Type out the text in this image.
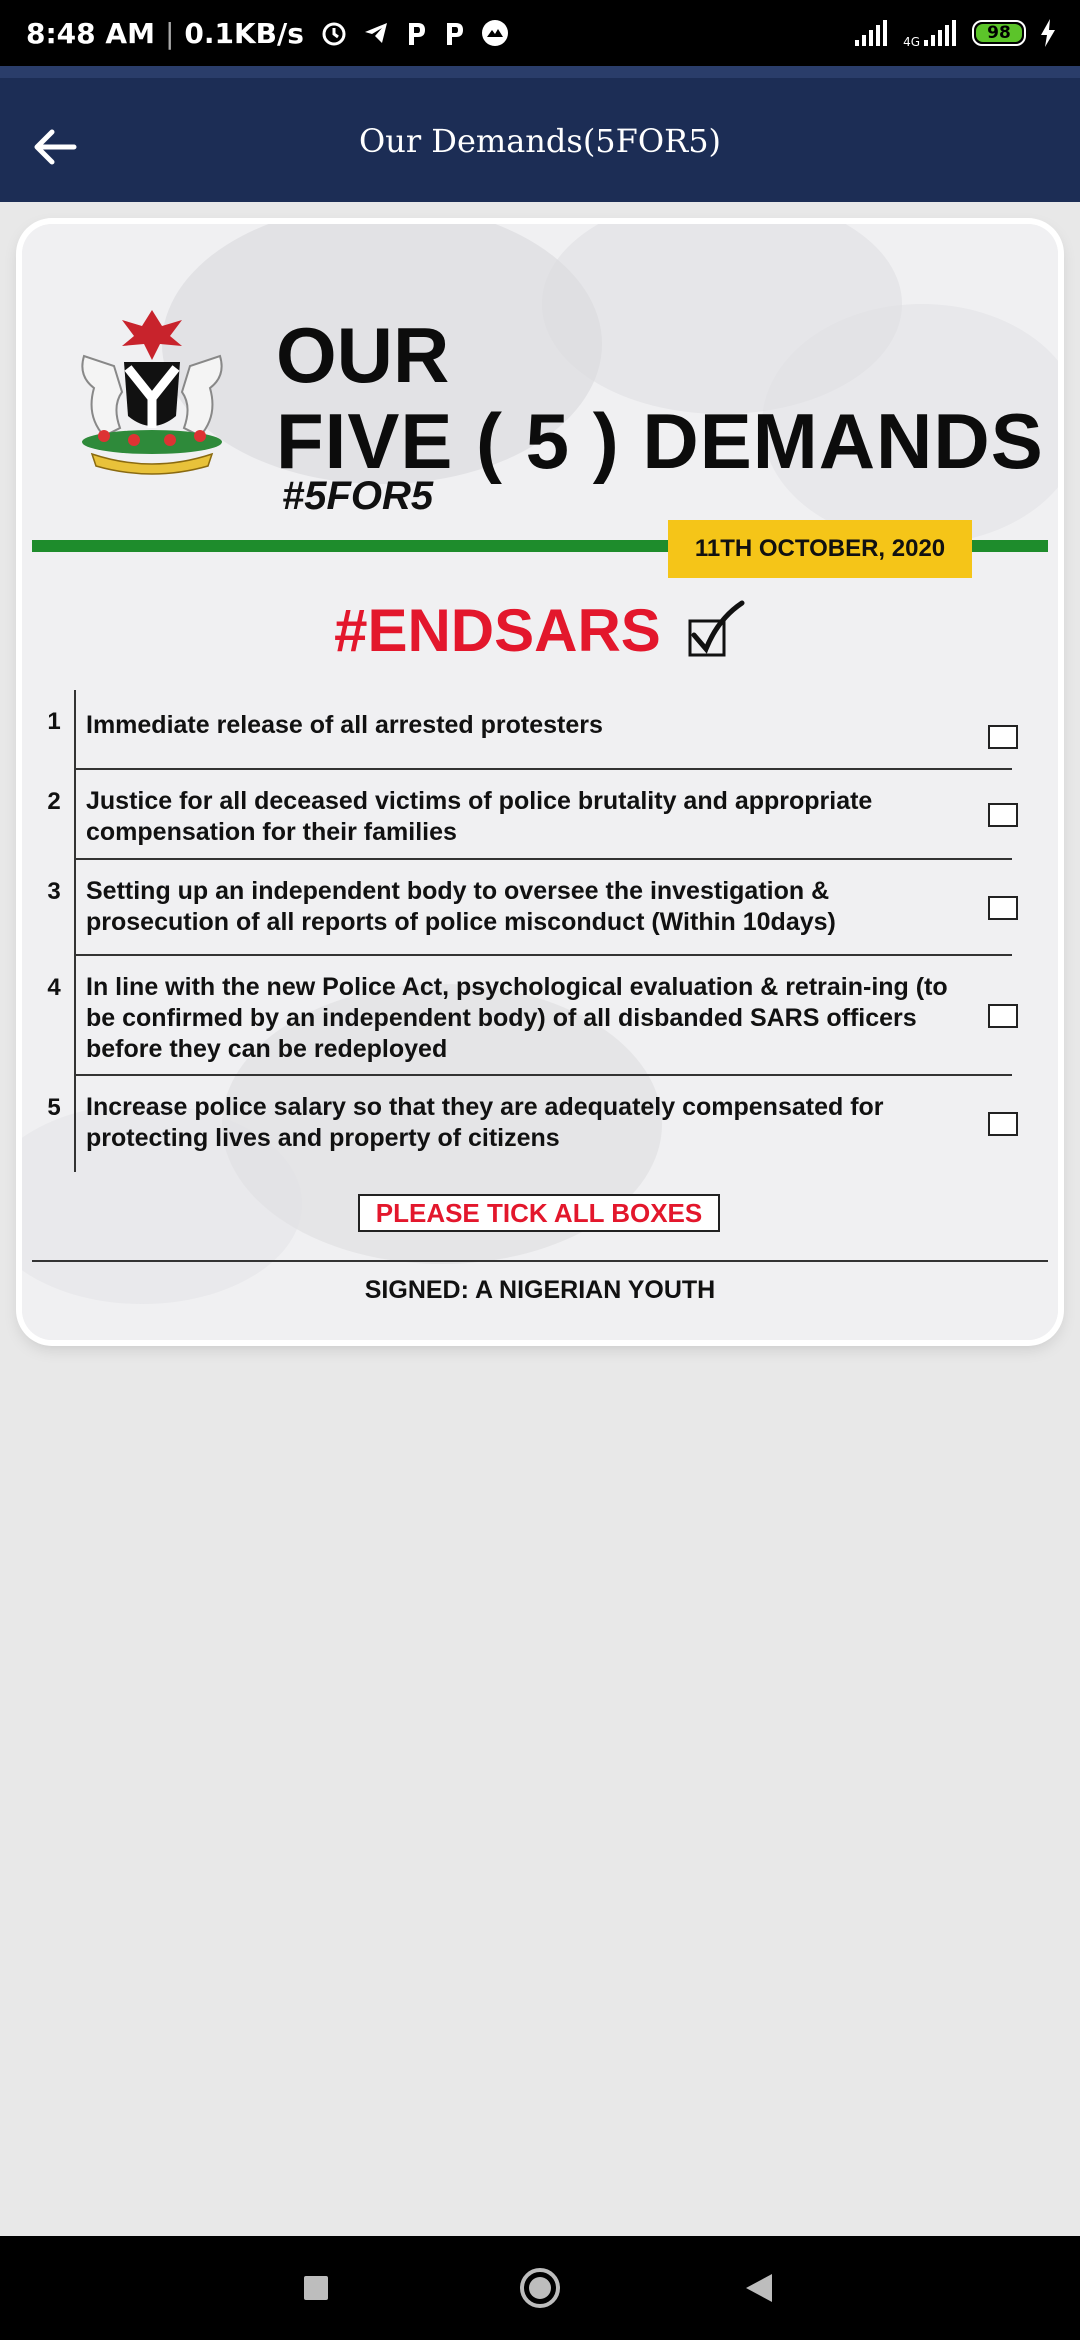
8:48 AM | 0.1KB/s	4G	98
Our Demands(5FOR5)
OUR
FIVE ( 5 ) DEMANDS
#5FOR5
11TH OCTOBER, 2020
#ENDSARS
1	Immediate release of all arrested protesters
2	Justice for all deceased victims of police brutality and appropriate compensation for their families
3	Setting up an independent body to oversee the investigation & prosecution of all reports of police misconduct (Within 10days)
4	In line with the new Police Act, psychological evaluation & retrain-ing (to be confirmed by an independent body) of all disbanded SARS officers before they can be redeployed
5	Increase police salary so that they are adequately compensated for protecting lives and property of citizens
PLEASE TICK ALL BOXES
SIGNED: A NIGERIAN YOUTH
